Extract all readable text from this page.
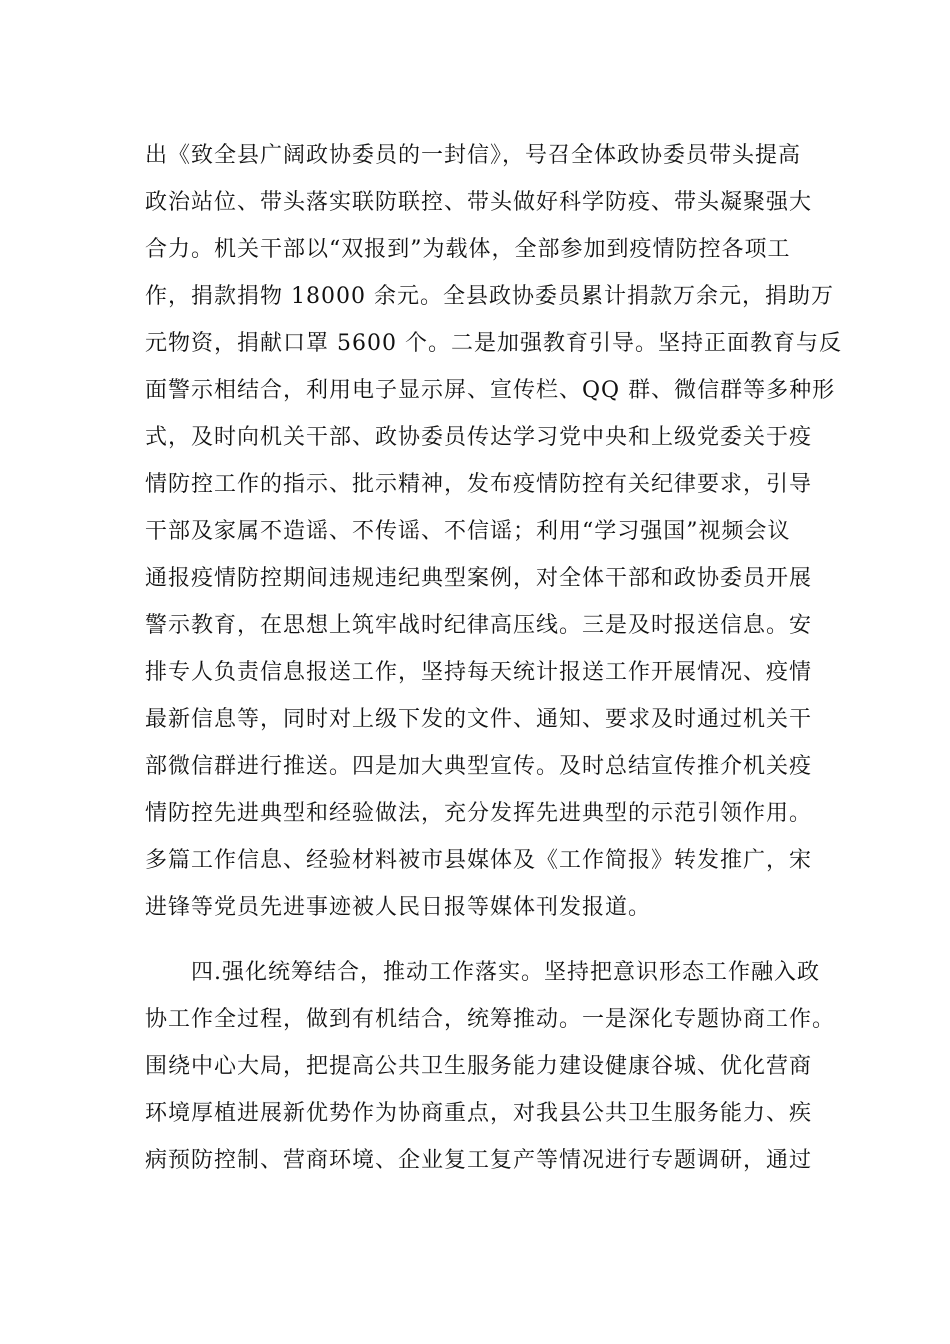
出《致全县广阔政协委员的一封信》，号召全体政协委员带头提高
政治站位、带头落实联防联控、带头做好科学防疫、带头凝聚强大
合力。机关干部以“双报到”为载体，全部参加到疫情防控各项工
作，捐款捐物 18000 余元。全县政协委员累计捐款万余元，捐助万
元物资，捐献口罩 5600 个。二是加强教育引导。坚持正面教育与反
面警示相结合，利用电子显示屏、宣传栏、QQ 群、微信群等多种形
式，及时向机关干部、政协委员传达学习党中央和上级党委关于疫
情防控工作的指示、批示精神，发布疫情防控有关纪律要求，引导
干部及家属不造谣、不传谣、不信谣；利用“学习强国”视频会议
通报疫情防控期间违规违纪典型案例，对全体干部和政协委员开展
警示教育，在思想上筑牢战时纪律高压线。三是及时报送信息。安
排专人负责信息报送工作，坚持每天统计报送工作开展情况、疫情
最新信息等，同时对上级下发的文件、通知、要求及时通过机关干
部微信群进行推送。四是加大典型宣传。及时总结宣传推介机关疫
情防控先进典型和经验做法，充分发挥先进典型的示范引领作用。
多篇工作信息、经验材料被市县媒体及《工作简报》转发推广，宋
进锋等党员先进事迹被人民日报等媒体刊发报道。
　　四.强化统筹结合，推动工作落实。坚持把意识形态工作融入政
协工作全过程，做到有机结合，统筹推动。一是深化专题协商工作。
围绕中心大局，把提高公共卫生服务能力建设健康谷城、优化营商
环境厚植进展新优势作为协商重点，对我县公共卫生服务能力、疾
病预防控制、营商环境、企业复工复产等情况进行专题调研，通过
